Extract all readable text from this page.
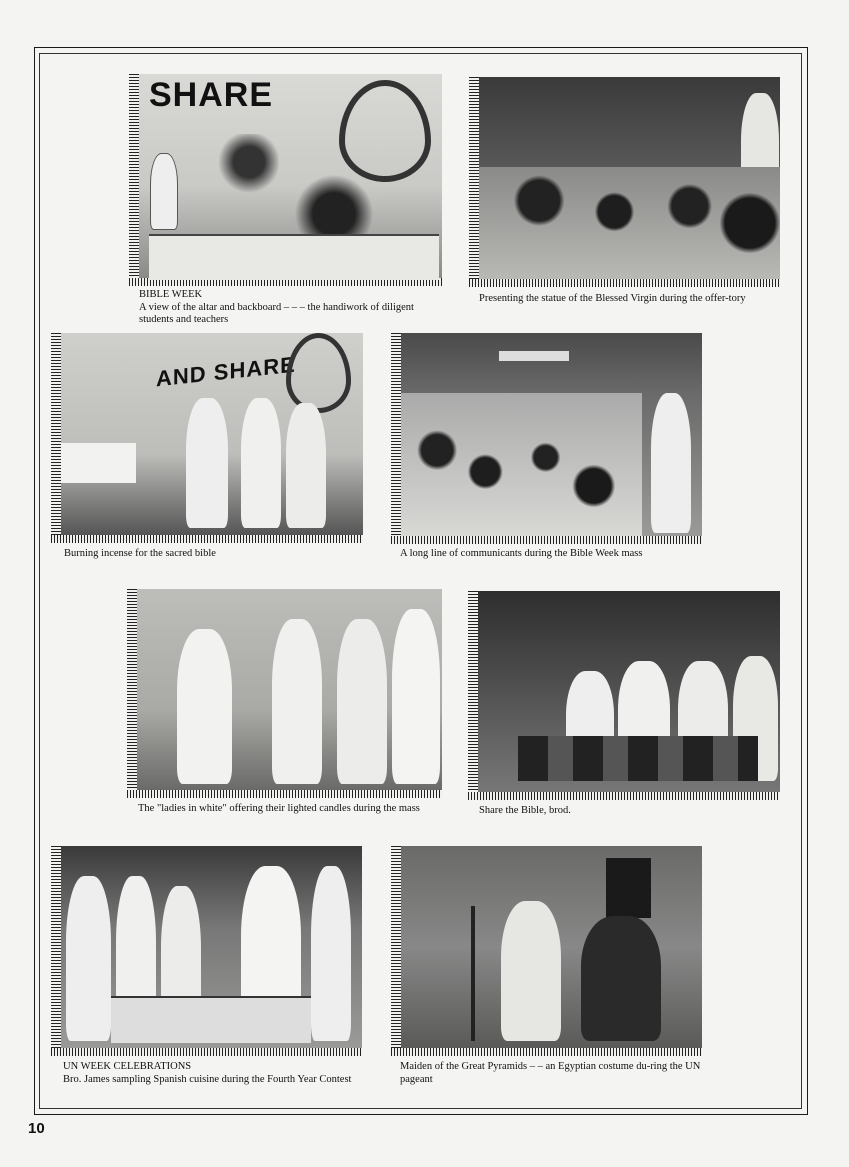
SHARE
BIBLE WEEK
A view of the altar and backboard – – – the handiwork of diligent students and teachers
Presenting the statue of the Blessed Virgin during the offer-tory
AND SHARE
Burning incense for the sacred bible	A long line of communicants during the Bible Week mass
The "ladies in white" offering their lighted candles during the mass	Share the Bible, brod.
UN WEEK CELEBRATIONS
Bro. James sampling Spanish cuisine during the Fourth Year Contest
Maiden of the Great Pyramids – – an Egyptian costume du-ring the UN pageant
10
